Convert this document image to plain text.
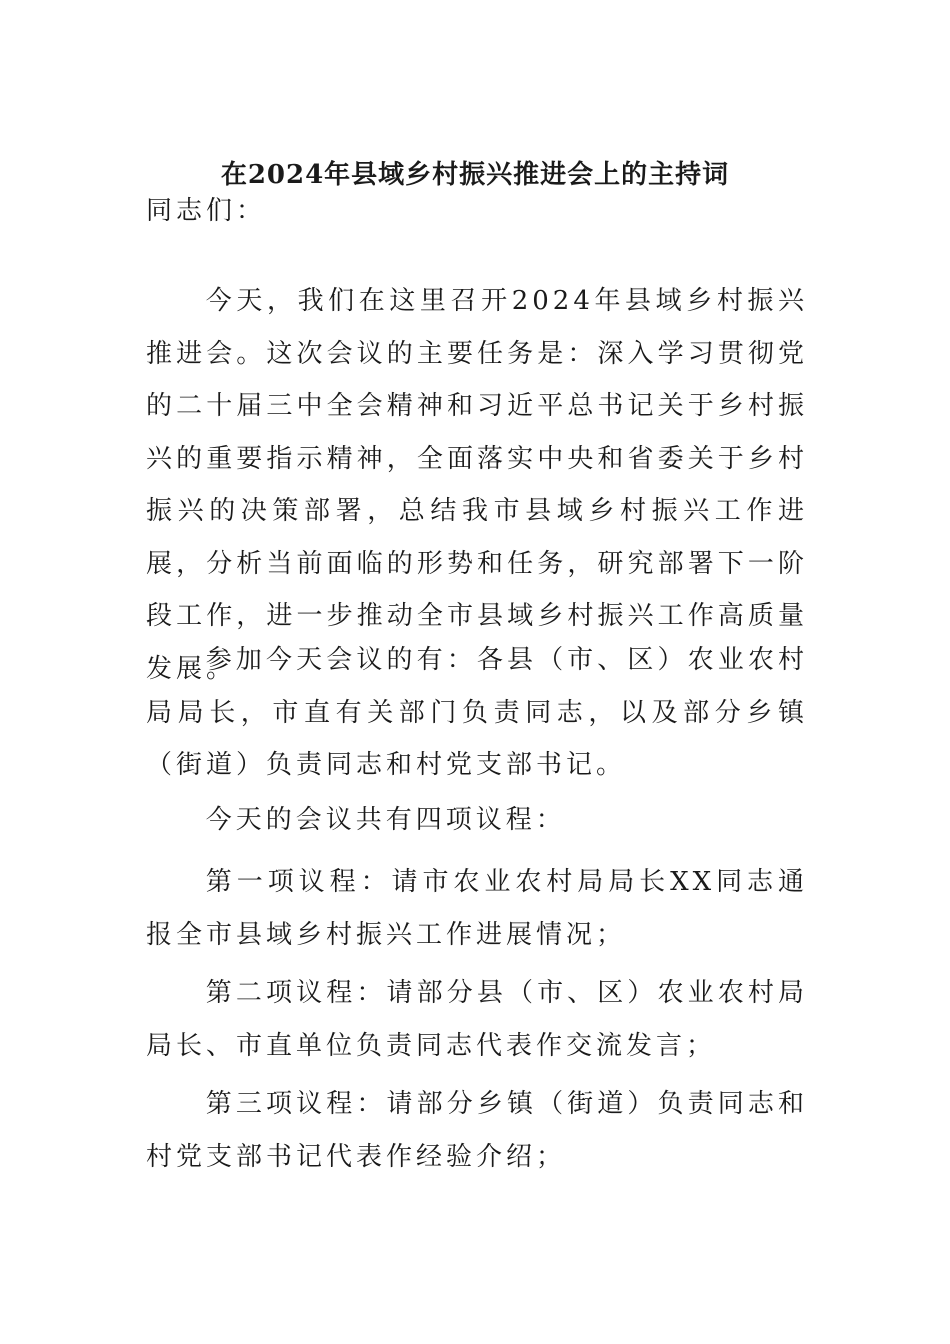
在2024年县域乡村振兴推进会上的主持词

同志们：

今天，我们在这里召开2024年县域乡村振兴推进会。这次会议的主要任务是：深入学习贯彻党的二十届三中全会精神和习近平总书记关于乡村振兴的重要指示精神，全面落实中央和省委关于乡村振兴的决策部署，总结我市县域乡村振兴工作进展，分析当前面临的形势和任务，研究部署下一阶段工作，进一步推动全市县域乡村振兴工作高质量发展。

参加今天会议的有：各县（市、区）农业农村局局长，市直有关部门负责同志，以及部分乡镇（街道）负责同志和村党支部书记。

今天的会议共有四项议程：

第一项议程：请市农业农村局局长XX同志通报全市县域乡村振兴工作进展情况；

第二项议程：请部分县（市、区）农业农村局局长、市直单位负责同志代表作交流发言；

第三项议程：请部分乡镇（街道）负责同志和村党支部书记代表作经验介绍；
